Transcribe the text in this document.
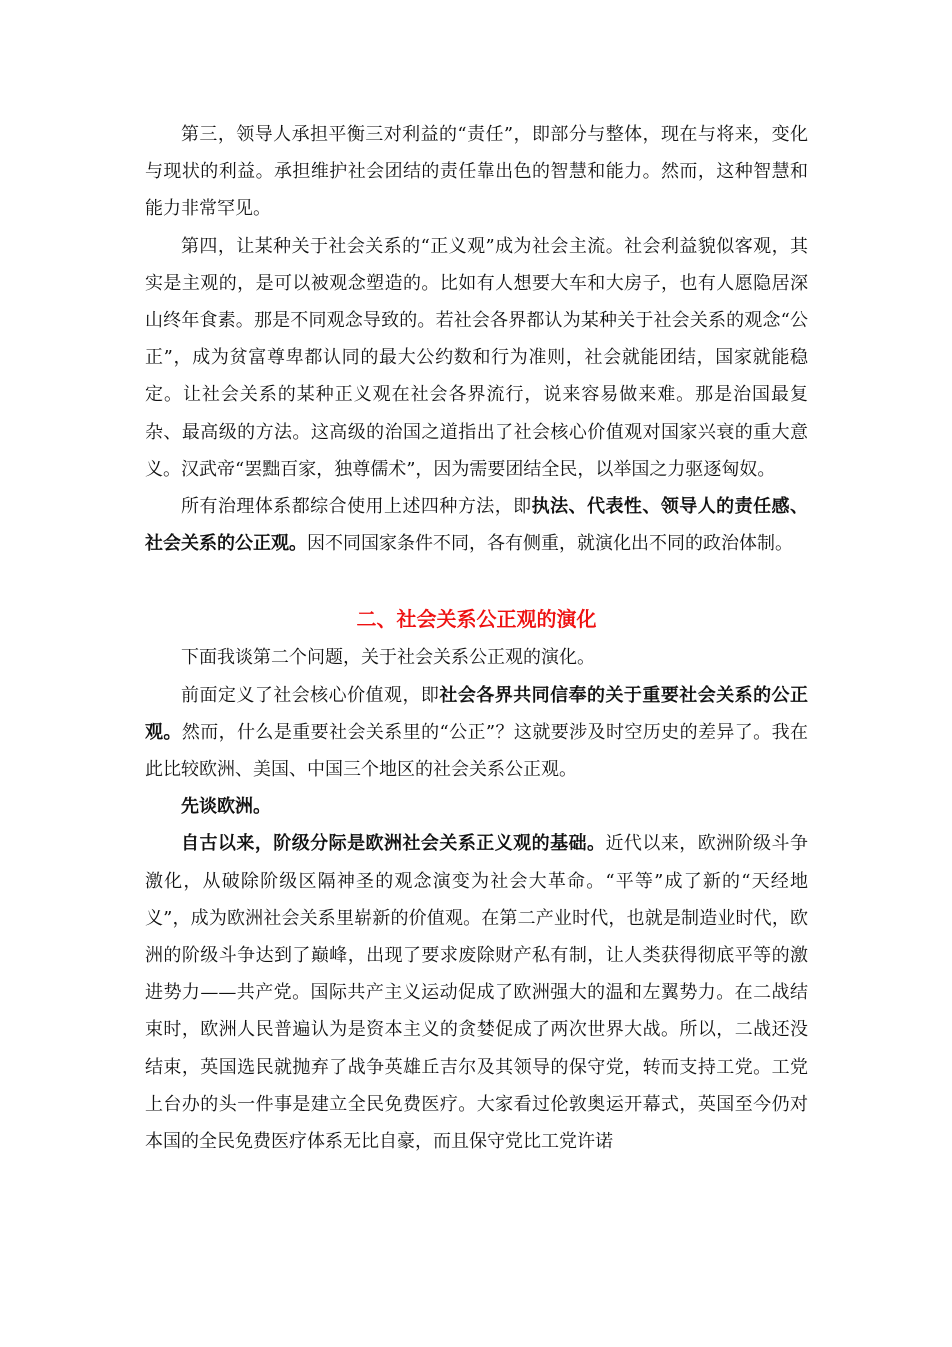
第三，领导人承担平衡三对利益的“责任”，即部分与整体，现在与将来，变化与现状的利益。承担维护社会团结的责任靠出色的智慧和能力。然而，这种智慧和能力非常罕见。

第四，让某种关于社会关系的“正义观”成为社会主流。社会利益貌似客观，其实是主观的，是可以被观念塑造的。比如有人想要大车和大房子，也有人愿隐居深山终年食素。那是不同观念导致的。若社会各界都认为某种关于社会关系的观念“公正”，成为贫富尊卑都认同的最大公约数和行为准则，社会就能团结，国家就能稳定。让社会关系的某种正义观在社会各界流行，说来容易做来难。那是治国最复杂、最高级的方法。这高级的治国之道指出了社会核心价值观对国家兴衰的重大意义。汉武帝“罢黜百家，独尊儒术”，因为需要团结全民，以举国之力驱逐匈奴。

所有治理体系都综合使用上述四种方法，即执法、代表性、领导人的责任感、社会关系的公正观。因不同国家条件不同，各有侧重，就演化出不同的政治体制。

二、社会关系公正观的演化

下面我谈第二个问题，关于社会关系公正观的演化。

前面定义了社会核心价值观，即社会各界共同信奉的关于重要社会关系的公正观。然而，什么是重要社会关系里的“公正”？这就要涉及时空历史的差异了。我在此比较欧洲、美国、中国三个地区的社会关系公正观。

先谈欧洲。

自古以来，阶级分际是欧洲社会关系正义观的基础。近代以来，欧洲阶级斗争激化，从破除阶级区隔神圣的观念演变为社会大革命。“平等”成了新的“天经地义”，成为欧洲社会关系里崭新的价值观。在第二产业时代，也就是制造业时代，欧洲的阶级斗争达到了巅峰，出现了要求废除财产私有制，让人类获得彻底平等的激进势力——共产党。国际共产主义运动促成了欧洲强大的温和左翼势力。在二战结束时，欧洲人民普遍认为是资本主义的贪婪促成了两次世界大战。所以，二战还没结束，英国选民就抛弃了战争英雄丘吉尔及其领导的保守党，转而支持工党。工党上台办的头一件事是建立全民免费医疗。大家看过伦敦奥运开幕式，英国至今仍对本国的全民免费医疗体系无比自豪，而且保守党比工党许诺
